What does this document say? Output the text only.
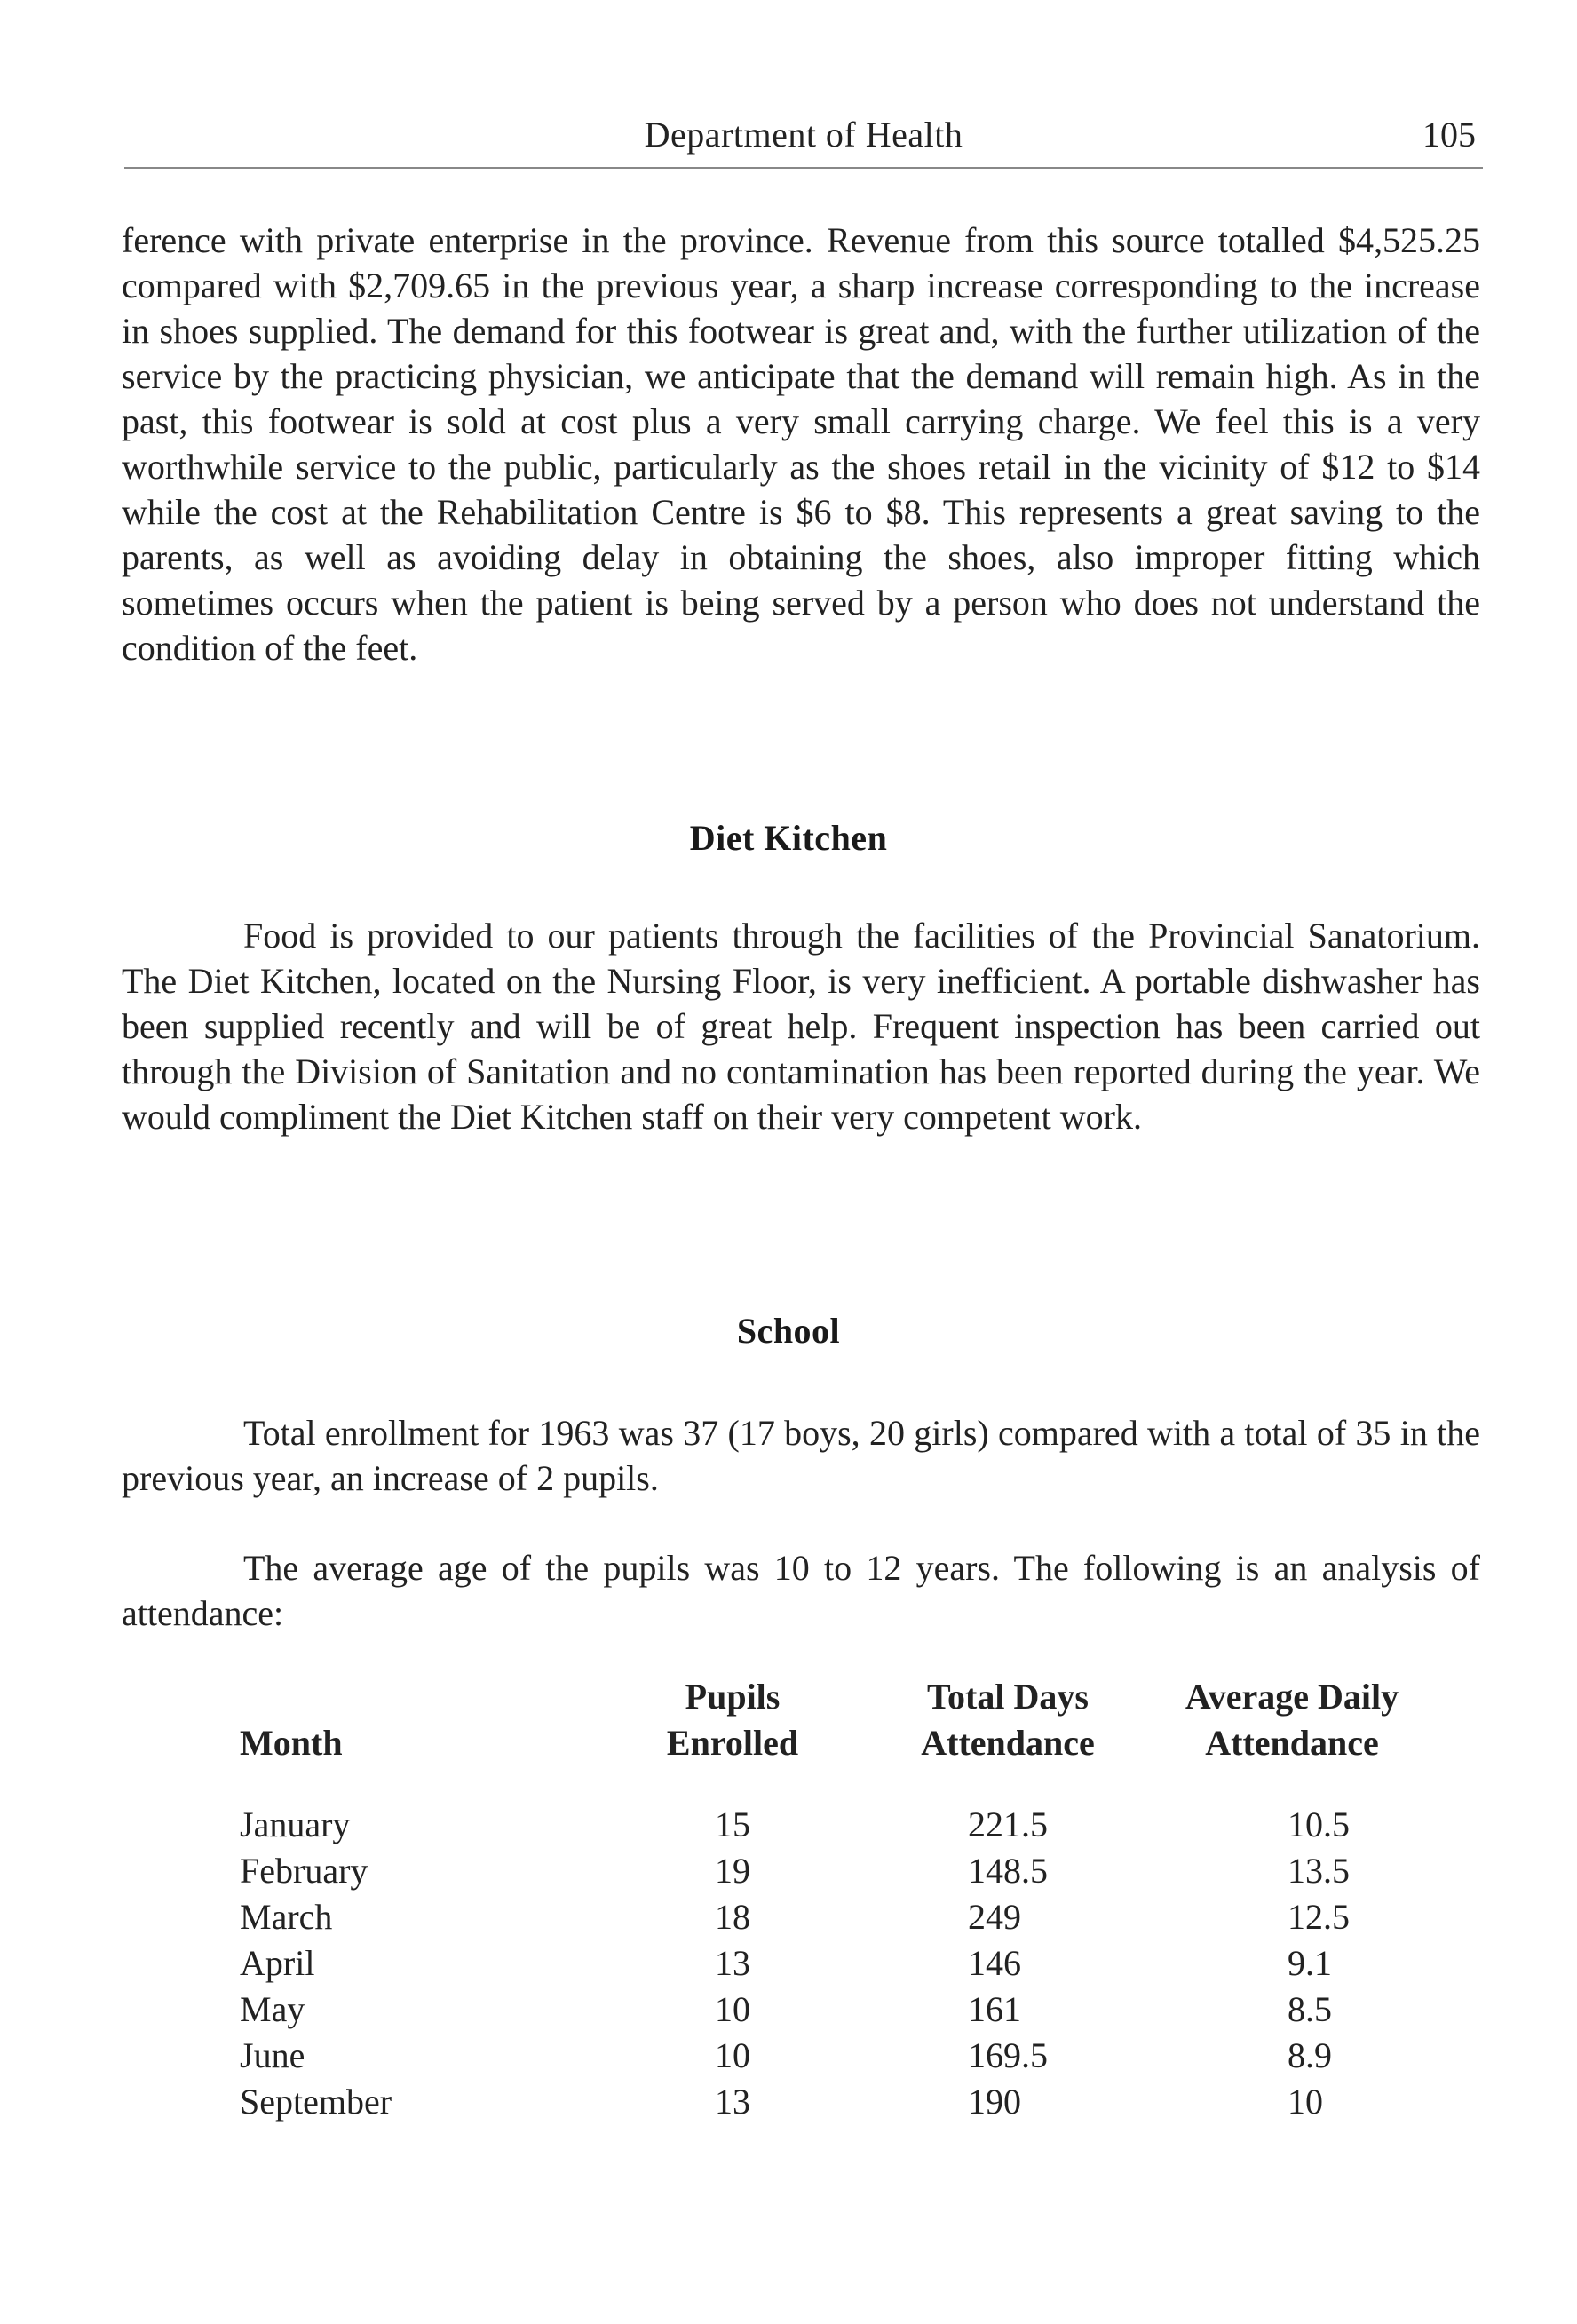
Department of Health	105

ference with private enterprise in the province. Revenue from this source totalled $4,525.25 compared with $2,709.65 in the previous year, a sharp increase corresponding to the increase in shoes supplied. The demand for this footwear is great and, with the further utilization of the service by the practicing physician, we anticipate that the demand will remain high. As in the past, this footwear is sold at cost plus a very small carrying charge. We feel this is a very worthwhile service to the public, particularly as the shoes retail in the vicinity of $12 to $14 while the cost at the Rehabilitation Centre is $6 to $8. This represents a great saving to the parents, as well as avoiding delay in obtaining the shoes, also improper fitting which sometimes occurs when the patient is being served by a person who does not understand the condition of the feet.

Diet Kitchen

Food is provided to our patients through the facilities of the Provincial Sanatorium. The Diet Kitchen, located on the Nursing Floor, is very inefficient. A portable dishwasher has been supplied recently and will be of great help. Frequent inspection has been carried out through the Division of Sanitation and no contamination has been reported during the year. We would compliment the Diet Kitchen staff on their very competent work.

School

Total enrollment for 1963 was 37 (17 boys, 20 girls) compared with a total of 35 in the previous year, an increase of 2 pupils.

The average age of the pupils was 10 to 12 years. The following is an analysis of attendance:

	Pupils	Total Days	Average Daily
Month	Enrolled	Attendance	Attendance

January	15	221.5	10.5
February	19	148.5	13.5
March	18	249	12.5
April	13	146	9.1
May	10	161	8.5
June	10	169.5	8.9
September	13	190	10
